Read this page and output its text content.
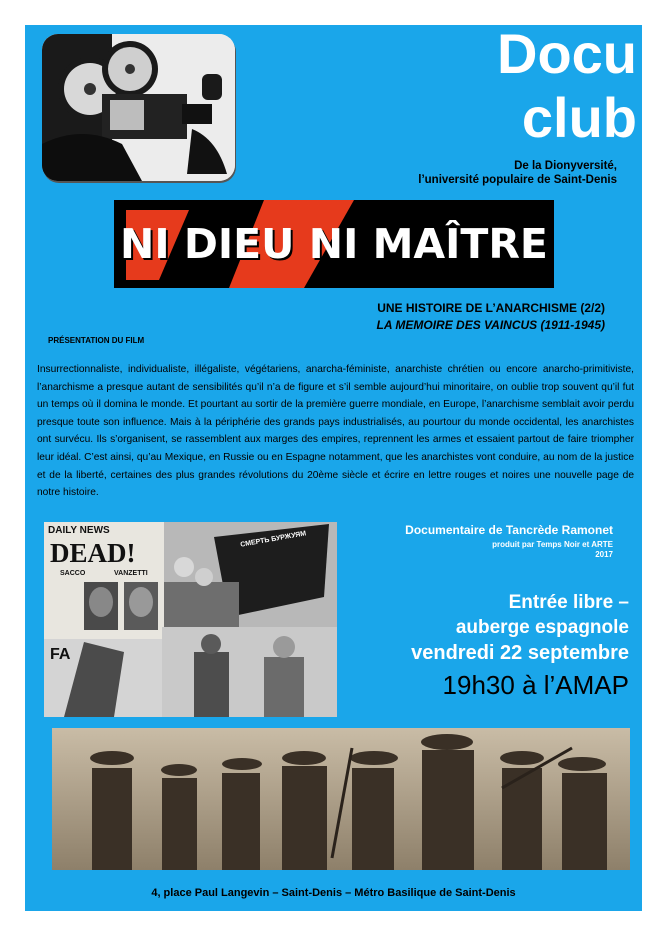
Docu
club
De la Dionyversité,
l’université populaire de Saint-Denis
NI DIEU NI MAÎTRE
UNE HISTOIRE DE L’ANARCHISME (2/2)
LA MEMOIRE DES VAINCUS (1911-1945)
PRÉSENTATION DU FILM
Insurrectionnaliste, individualiste, illégaliste, végétariens, anarcha-féministe, anarchiste chrétien ou encore anarcho-primitiviste, l’anarchisme a presque autant de sensibilités qu’il n’a de figure et s’il semble aujourd’hui minoritaire, on oublie trop souvent qu’il fut un temps où il domina le monde. Et pourtant au sortir de la première guerre mondiale, en Europe, l’anarchisme semblait avoir perdu presque toute son influence. Mais à la périphérie des grands pays industrialisés, au pourtour du monde occidental, les anarchistes ont survécu. Ils s’organisent, se rassemblent aux marges des empires, reprennent les armes et essaient partout de faire triompher leur idéal. C’est ainsi, qu’au Mexique, en Russie ou en Espagne notamment, que les anarchistes vont conduire, au nom de la justice et de la liberté, certaines des plus grandes révolutions du 20ème siècle et écrire en lettre rouges et noires une nouvelle page de notre histoire.
DAILY NEWS
DEAD!
SACCO	VANZETTI
СМЕРТЬ БУРЖУЯМ
FA
Documentaire de Tancrède Ramonet
produit par Temps Noir et ARTE
2017
Entrée libre –
auberge espagnole
vendredi 22 septembre
19h30 à l’AMAP
4, place Paul Langevin – Saint-Denis – Métro Basilique de Saint-Denis
